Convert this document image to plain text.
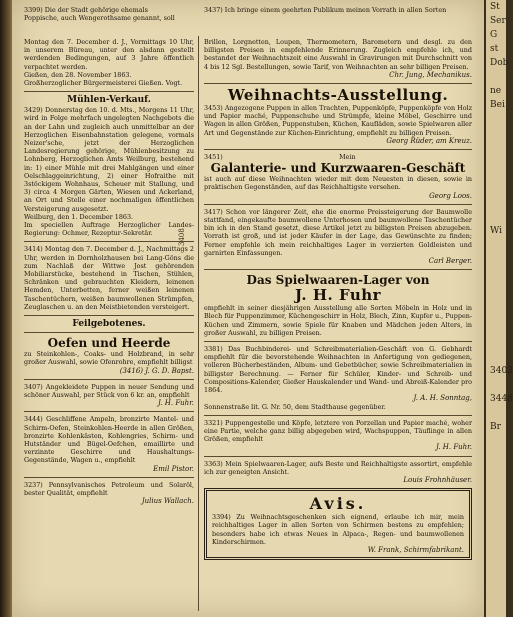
3399) Die der Stadt gehörige ehemals
Poppische, auch Wengerothsame genannt, soll
3437) Ich bringe einem geehrten Publikum meinen Vorrath in allen Sorten
Montag den 7. December d. J., Vormittags 10 Uhr, in unserem Büreau, unter den alsdann gestellt werdenden Bedingungen, auf 3 Jahre öffentlich verpachtet werden.
Gießen, den 28. November 1863.
Großherzoglicher Bürgermeisterei Gießen. Vogt.
Mühlen-Verkauf.
3429) Donnerstag den 10. d. Mts., Morgens 11 Uhr, wird in Folge mehrfach ungelegten Nachgebots die an der Lahn und zugleich auch unmittelbar an der Herzoglichen Eisenbahnstation gelegene, vormals Neizer'sche, jetzt der Herzoglichen Landesregierung gehörige, Mühlenbesitzung zu Lohnberg, Herzoglichen Amts Weilburg, bestehend in: 1) einer Mühle mit drei Mahlgängen und einer Oelschlaggeinrichtung, 2) einer Hofraithe mit 3stöckigem Wohnhaus, Scheuer mit Stallung, und 3) circa 4 Morgen Gärten, Wiesen und Ackerland, an Ort und Stelle einer nochmaligen öffentlichen Versteigerung ausgesetzt.
Weilburg, den 1. December 1863.
Im speciellen Auftrage Herzoglicher Landes-Regierung: Ochmer, Rezeptur-Sekretär.
3414) Montag den 7. December d. J., Nachmittags 2 Uhr, werden in Dornholzhausen bei Lang-Göns die zum Nachlaß der Wittwe Jost gehörenden Mobiliarstücke, bestehend in Tischen, Stühlen, Schränken und gebrauchten Kleidern, leinenen Hemden, Unterbetten, ferner weißen leinenen Taschentüchern, weißen baumwollenen Strümpfen, Zeuglaschen u. an den Meistbietenden versteigert.
Feilgebotenes.
Oefen und Heerde
zu Steinkohlen-, Coaks- und Holzbrand, in sehr großer Auswahl, sowie Ofenrohre, empfiehlt billigst
(3416) J. G. D. Bapst.
3407) Angekleidete Puppen in neuer Sendung und schöner Auswahl, per Stück von 6 kr. an, empfiehlt
J. H. Fuhr.
3444) Geschliffene Ampeln, bronzirte Mantel- und Schirm-Oefen, Steinkohlen-Heerde in allen Größen, bronzirte Kohlenkästen, Kohlengries, Schirm- und Hutständer und Bügel-Oefchen, emaillirte und verzinnte Geschirre und Haushaltungs-Gegenstände, Wagen u., empfiehlt
Emil Pistor.
3237) Pennsylvanisches Petroleum und Solaröl, bester Qualität, empfiehlt
Julius Wallach.
3408
Brillen, Lorgnetten, Loupen, Thermometern, Barometern und desgl. zu den billigsten Preisen in empfehlende Erinnerung. Zugleich empfehle ich, und bestandet der Weihnachtszeit eine Auswahl in Gravirungen mit Durchschnitt von 4 bis 12 Sgl. Bestellungen, sowie Tarif, von Weihnachten an sehr billigen Preisen.
Chr. Jung, Mechanikus.
Weihnachts-Ausstellung.
3453) Angezogene Puppen in allen Trachten, Puppenköpfe, Puppenköpfe von Holz und Papier maché, Puppenschuhe und Strümpfe, kleine Möbel, Geschirre und Wagen in allen Größen, Puppenstuben, Küchen, Kaufläden, sowie Spielwaren aller Art und Gegenstände zur Küchen-Einrichtung, empfiehlt zu billigen Preisen.
Georg Rüder, am Kreuz.
3451)	Mein
Galanterie- und Kurzwaaren-Geschäft
ist auch auf diese Weihnachten wieder mit dem Neuesten in diesen, sowie in praktischen Gegenständen, auf das Reichhaltigste versehen.
Georg Loos.
3417) Schon vor längerer Zeit, ehe die enorme Preissteigerung der Baumwolle stattfand, eingekaufte baumwollene Unterhosen und baumwollene Taschentücher bin ich in den Stand gesetzt, diese Artikel jetzt zu billigsten Preisen abzugeben. Vorrath ist groß, und ist jeder Käufer in der Lage, das Gewünschte zu finden; Ferner empfehle ich mein reichhaltiges Lager in verzierten Goldleisten und garnirten Einfassungen.
Carl Berger.
Das Spielwaaren-Lager von
J. H. Fuhr
empfiehlt in seiner diesjährigen Ausstellung alle Sorten Möbeln in Holz und in Blech für Puppenzimmer, Küchengeschirr in Holz, Blech, Zinn, Kupfer u., Puppen-Küchen und Zimmern, sowie Spiele für Knaben und Mädchen jeden Alters, in großer Auswahl, zu billigen Preisen.
3381) Das Buchbinderei- und Schreibmaterialien-Geschäft von G. Gebhardt empfiehlt für die bevorstehende Weihnachten in Anfertigung von gediegenen, volleren Bücherbeständen, Album- und Gebetbücher, sowie Schreibmaterialien in billigster Berechnung. — Ferner für Schüler, Kinder- und Schreib- und Compositions-Kalender, Gießer Hauskalender und Wand- und Abreiß-Kalender pro 1864.
J. A. H. Sonntag,
Sonnenstraße lit. G. Nr. 50, dem Stadthause gegenüber.
3321) Puppengestelle und Köpfe, letztere von Porzellan und Papier maché, woher eine Partie, welche ganz billig abgegeben wird, Wachspuppen, Täuflinge in allen Größen, empfiehlt
J. H. Fuhr.
3363) Mein Spielwaaren-Lager, aufs Beste und Reichhaltigste assortirt, empfehle ich zur geneigten Ansicht.
Louis Frohnhäuser.
Avis.
3394) Zu Weihnachtsgeschenken sich eignend, erlaube ich mir, mein reichhaltiges Lager in allen Sorten von Schirmen bestens zu empfehlen; besonders habe ich etwas Neues in Alpaca-, Regen- und baumwollenen Kinderschirmen.
W. Frank, Schirmfabrikant.
St
Ser
G
st
Dob

ne
Bei

Wi

3402

3448

Br
